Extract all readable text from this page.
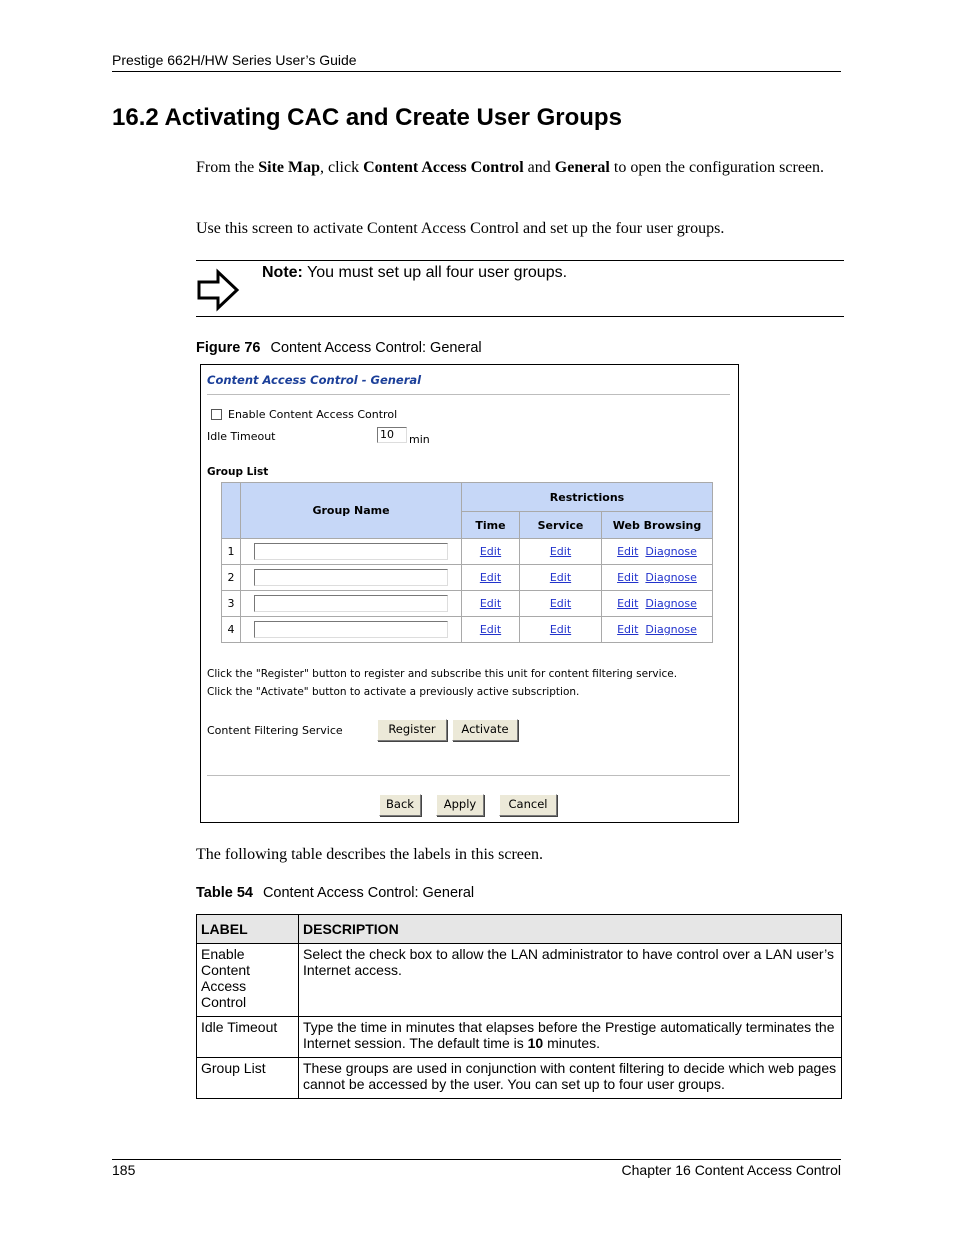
Prestige 662H/HW Series User’s Guide
16.2 Activating CAC and Create User Groups
From the Site Map, click Content Access Control and General to open the configuration screen.
Use this screen to activate Content Access Control and set up the four user groups.
Note: You must set up all four user groups.
Figure 76 Content Access Control: General
Content Access Control - General
Enable Content Access Control
Idle Timeout	10	min
Group List
	Group Name	Restrictions		
		Time	Service	Web Browsing
1		Edit	Edit	Edit Diagnose
2		Edit	Edit	Edit Diagnose
3		Edit	Edit	Edit Diagnose
4		Edit	Edit	Edit Diagnose
Click the "Register" button to register and subscribe this unit for content filtering service.
Click the "Activate" button to activate a previously active subscription.
Content Filtering Service	Register	Activate
Back	Apply	Cancel
The following table describes the labels in this screen.
Table 54 Content Access Control: General
LABEL	DESCRIPTION
Enable Content Access Control	Select the check box to allow the LAN administrator to have control over a LAN user’s Internet access.
Idle Timeout	Type the time in minutes that elapses before the Prestige automatically terminates the Internet session. The default time is 10 minutes.
Group List	These groups are used in conjunction with content filtering to decide which web pages cannot be accessed by the user. You can set up to four user groups.
185	Chapter 16 Content Access Control
